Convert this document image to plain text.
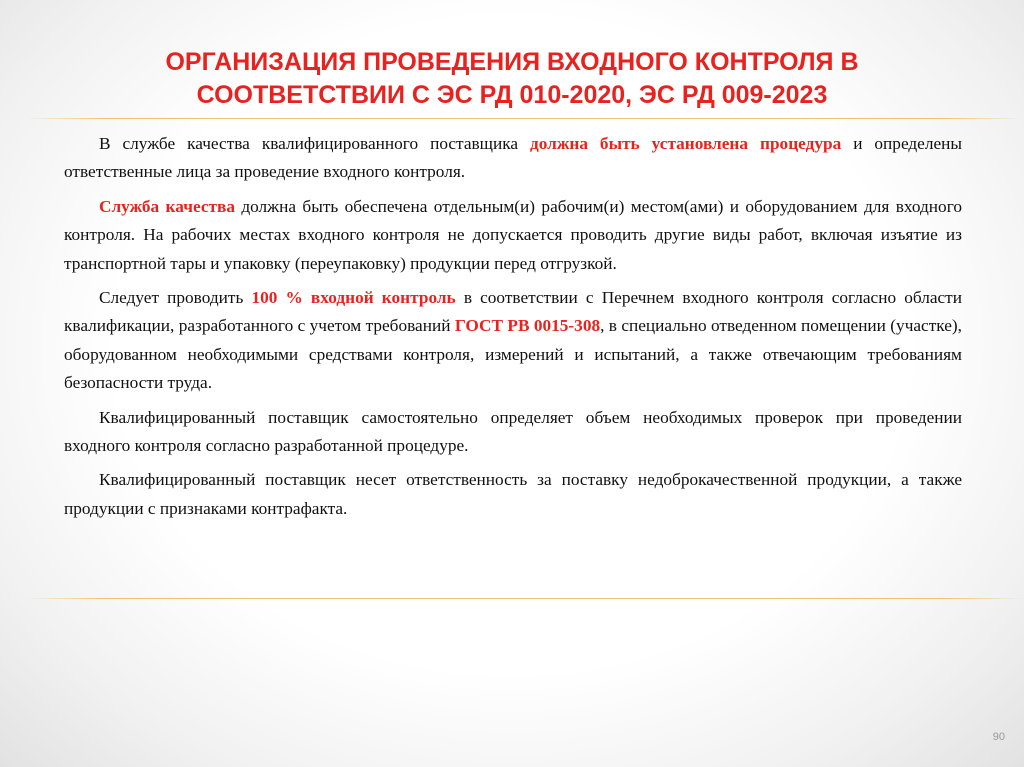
ОРГАНИЗАЦИЯ ПРОВЕДЕНИЯ ВХОДНОГО КОНТРОЛЯ В
СООТВЕТСТВИИ С ЭС РД 010-2020, ЭС РД 009-2023

В службе качества квалифицированного поставщика должна быть установлена процедура и определены ответственные лица за проведение входного контроля.

Служба качества должна быть обеспечена отдельным(и) рабочим(и) местом(ами) и оборудованием для входного контроля. На рабочих местах входного контроля не допускается проводить другие виды работ, включая изъятие из транспортной тары и упаковку (переупаковку) продукции перед отгрузкой.

Следует проводить 100 % входной контроль в соответствии с Перечнем входного контроля согласно области квалификации, разработанного с учетом требований ГОСТ РВ 0015-308, в специально отведенном помещении (участке), оборудованном необходимыми средствами контроля, измерений и испытаний, а также отвечающим требованиям безопасности труда.

Квалифицированный поставщик самостоятельно определяет объем необходимых проверок при проведении входного контроля согласно разработанной процедуре.

Квалифицированный поставщик несет ответственность за поставку недоброкачественной продукции, а также продукции с признаками контрафакта.

90
